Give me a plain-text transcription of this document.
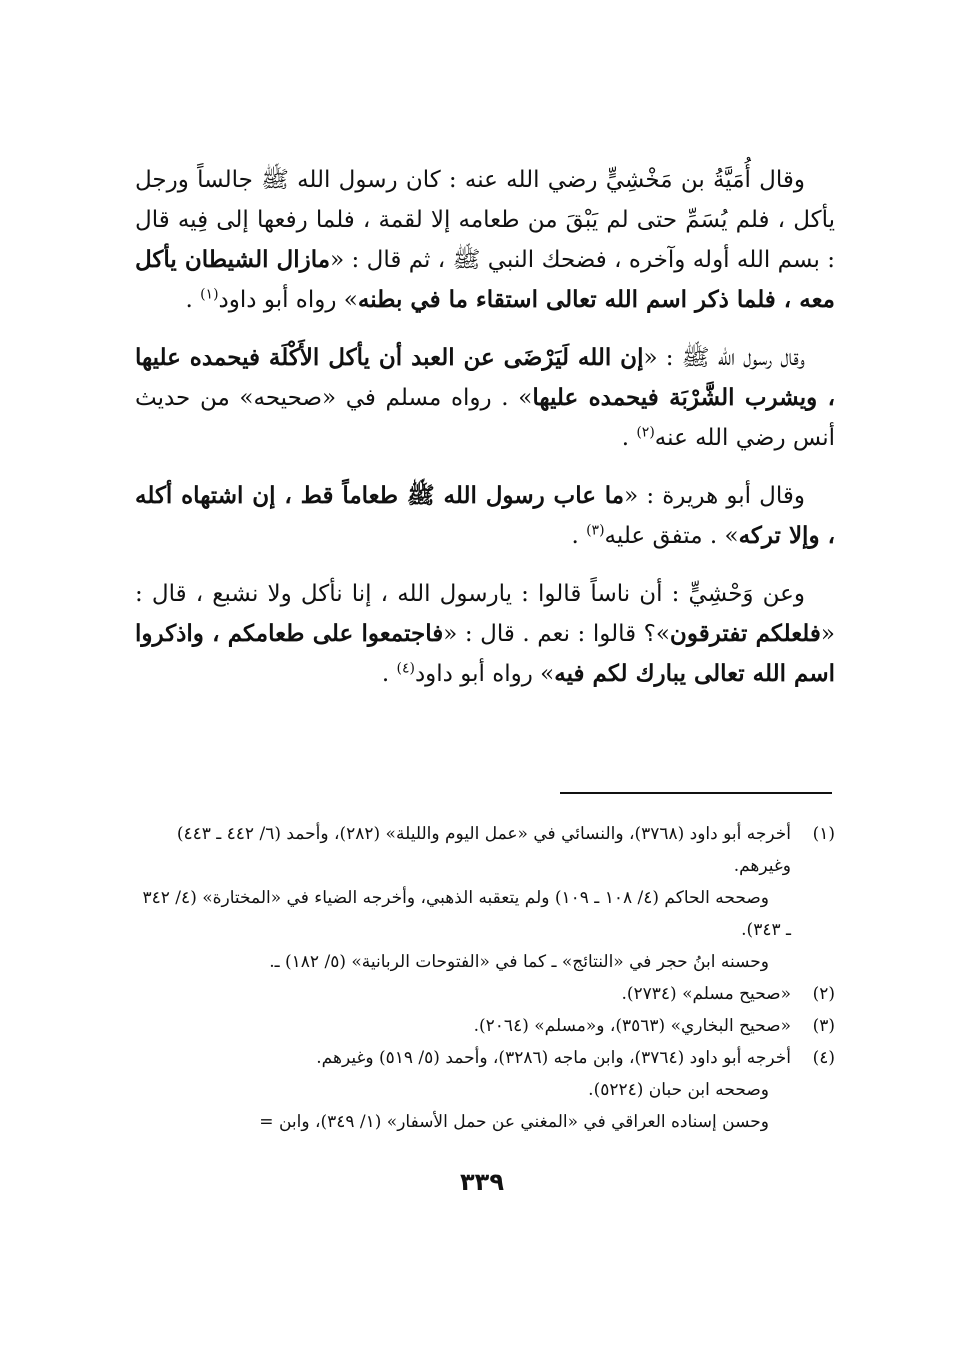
وقال أُمَيَّةُ بن مَخْشِيٍّ رضي الله عنه : كان رسول الله ﷺ جالساً ورجل يأكل ، فلم يُسَمِّ حتى لم يَبْقَ من طعامه إلا لقمة ، فلما رفعها إلى فِيه قال : بسم الله أوله وآخره ، فضحك النبي ﷺ ، ثم قال : «مازال الشيطان يأكل معه ، فلما ذكر اسم الله تعالى استقاء ما في بطنه» رواه أبو داود$^{(١)}$ .

وقال رسول الله ﷺ : «إن الله لَيَرْضَى عن العبد أن يأكل الأَكْلَة فيحمده عليها ، ويشرب الشَّرْبَة فيحمده عليها» . رواه مسلم في «صحيحه» من حديث أنس رضي الله عنه$^{(٢)}$ .

وقال أبو هريرة : «ما عاب رسول الله ﷺ طعاماً قط ، إن اشتهاه أكله ، وإلا تركه» . متفق عليه$^{(٣)}$ .

وعن وَحْشِيٍّ : أن ناساً قالوا : يارسول الله ، إنا نأكل ولا نشبع ، قال : «فلعلكم تفترقون»؟ قالوا : نعم . قال : «فاجتمعوا على طعامكم ، واذكروا اسم الله تعالى يبارك لكم فيه» رواه أبو داود$^{(٤)}$ .

(١)
أخرجه أبو داود (٣٧٦٨)، والنسائي في «عمل اليوم والليلة» (٢٨٢)، وأحمد (٦/ ٤٤٢ ـ ٤٤٣) وغيرهم.

وصححه الحاكم (٤/ ١٠٨ ـ ١٠٩) ولم يتعقبه الذهبي، وأخرجه الضياء في «المختارة» (٤/ ٣٤٢ ـ ٣٤٣).

وحسنه ابنُ حجر في «النتائج» ـ كما في «الفتوحات الربانية» (٥/ ١٨٢) ـ.

(٢)
«صحيح مسلم» (٢٧٣٤).

(٣)
«صحيح البخاري» (٣٥٦٣)، و«مسلم» (٢٠٦٤).

(٤)
أخرجه أبو داود (٣٧٦٤)، وابن ماجه (٣٢٨٦)، وأحمد (٥/ ٥١٩) وغيرهم.

وصححه ابن حبان (٥٢٢٤).

وحسن إسناده العراقي في «المغني عن حمل الأسفار» (١/ ٣٤٩)، وابن =

٣٣٩
